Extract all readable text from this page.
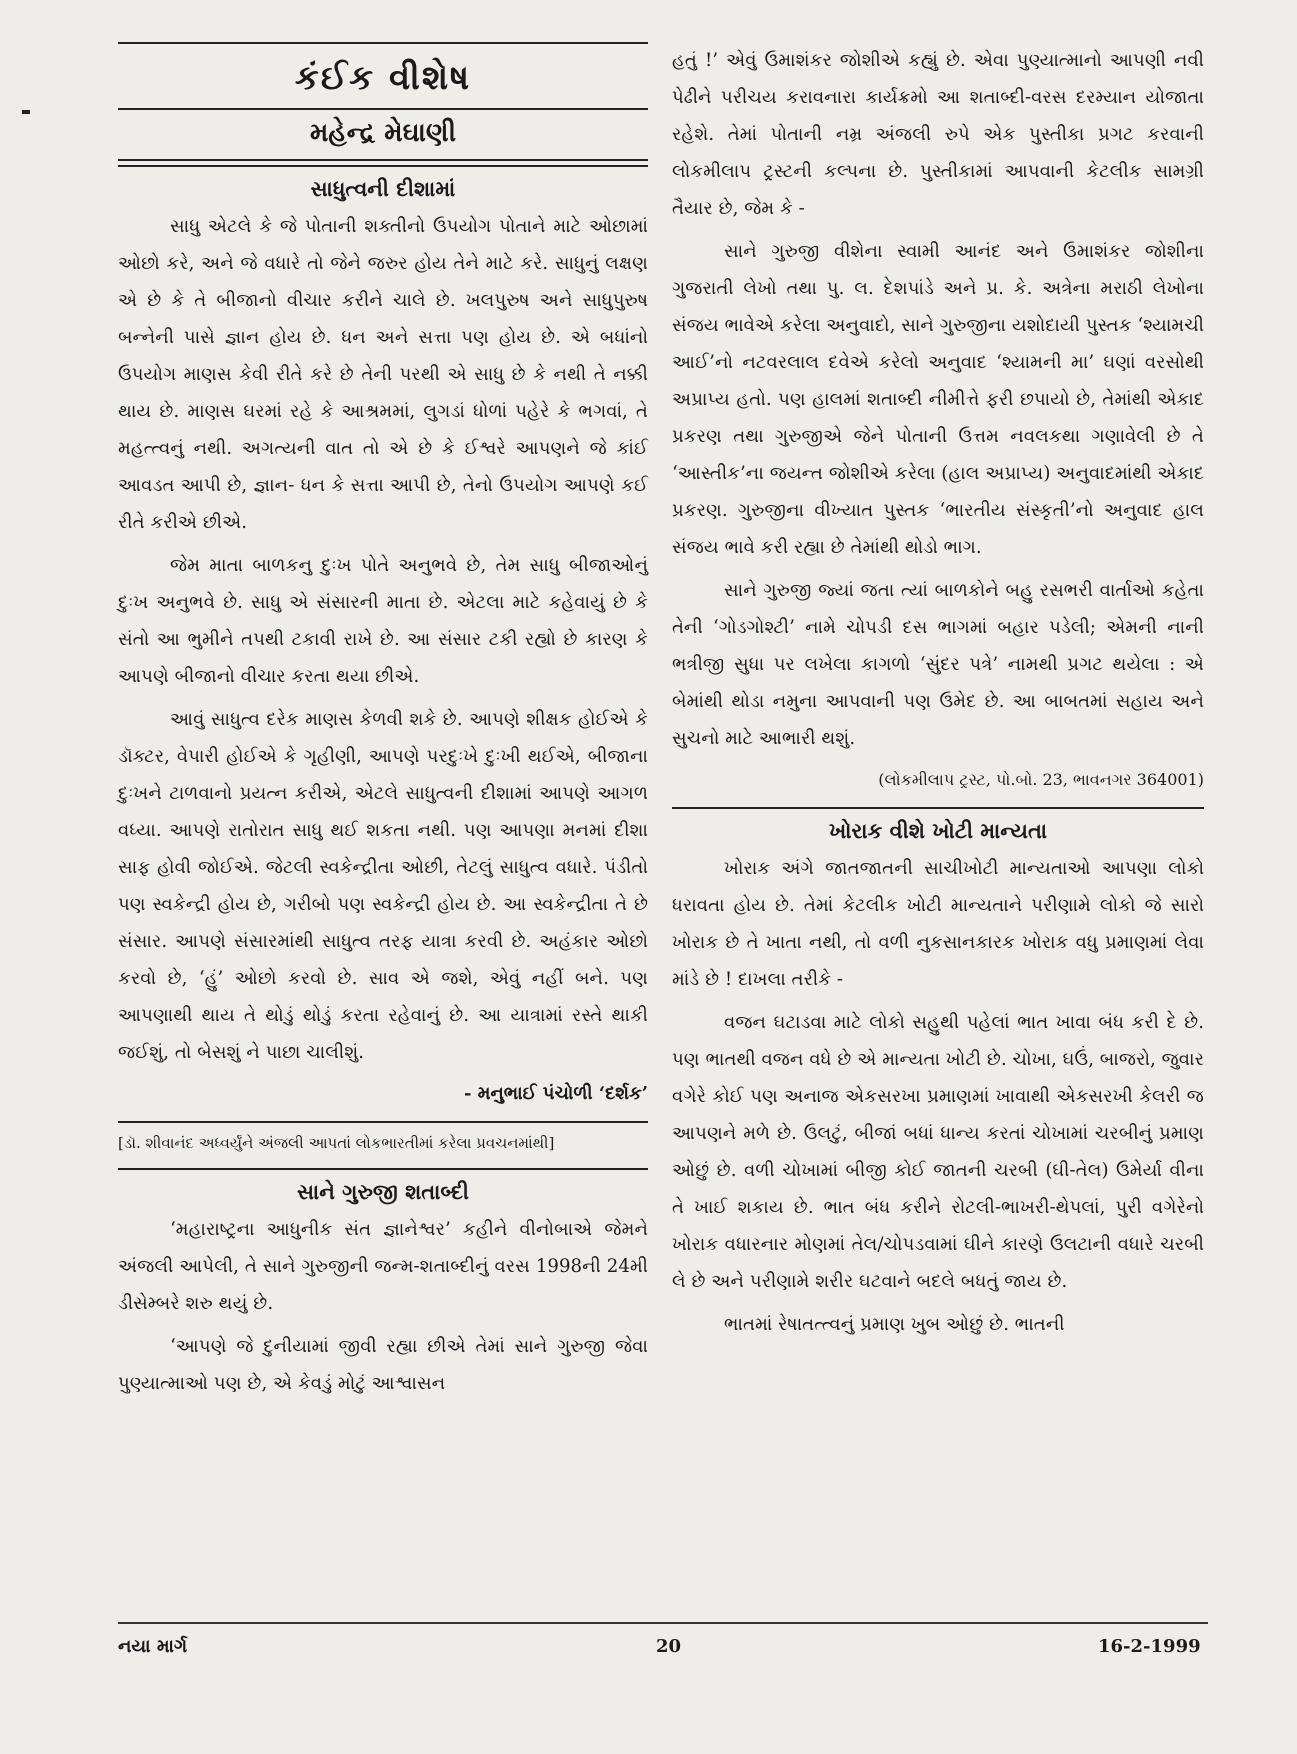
કંઈક વીશેષ
મહેન્દ્ર મેઘાણી
સાધુત્વની દીશામાં

સાધુ એટલે કે જે પોતાની શક્તીનો ઉપયોગ પોતાને માટે ઓછામાં ઓછો કરે, અને જે વધારે તો જેને જરુર હોય તેને માટે કરે. સાધુનું લક્ષણ એ છે કે તે બીજાનો વીચાર કરીને ચાલે છે. ખલપુરુષ અને સાધુપુરુષ બન્નેની પાસે જ્ઞાન હોય છે. ધન અને સત્તા પણ હોય છે. એ બધાંનો ઉપયોગ માણસ કેવી રીતે કરે છે તેની પરથી એ સાધુ છે કે નથી તે નક્કી થાય છે. માણસ ઘરમાં રહે કે આશ્રમમાં, લુગડાં ધોળાં પહેરે કે ભગવાં, તે મહત્ત્વનું નથી. અગત્યની વાત તો એ છે કે ઈશ્વરે આપણને જે કાંઈ આવડત આપી છે, જ્ઞાન- ધન કે સત્તા આપી છે, તેનો ઉપયોગ આપણે કઈ રીતે કરીએ છીએ.

જેમ માતા બાળકનુ દુઃખ પોતે અનુભવે છે, તેમ સાધુ બીજાઓનું દુઃખ અનુભવે છે. સાધુ એ સંસારની માતા છે. એટલા માટે કહેવાયું છે કે સંતો આ ભુમીને તપથી ટકાવી રાખે છે. આ સંસાર ટકી રહ્યો છે કારણ કે આપણે બીજાનો વીચાર કરતા થયા છીએ.

આવું સાધુત્વ દરેક માણસ કેળવી શકે છે. આપણે શીક્ષક હોઈએ કે ડૉક્ટર, વેપારી હોઈએ કે ગૃહીણી, આપણે પરદુઃખે દુઃખી થઈએ, બીજાના દુઃખને ટાળવાનો પ્રયત્ન કરીએ, એટલે સાધુત્વની દીશામાં આપણે આગળ વધ્યા. આપણે રાતોરાત સાધુ થઈ શકતા નથી. પણ આપણા મનમાં દીશા સાફ હોવી જોઈએ. જેટલી સ્વકેન્દ્રીતા ઓછી, તેટલું સાધુત્વ વધારે. પંડીતો પણ સ્વકેન્દ્રી હોય છે, ગરીબો પણ સ્વકેન્દ્રી હોય છે. આ સ્વકેન્દ્રીતા તે છે સંસાર. આપણે સંસારમાંથી સાધુત્વ તરફ યાત્રા કરવી છે. અહંકાર ઓછો કરવો છે, ‘હું’ ઓછો કરવો છે. સાવ એ જશે, એવું નહીં બને. પણ આપણાથી થાય તે થોડું થોડું કરતા રહેવાનું છે. આ યાત્રામાં રસ્તે થાકી જઈશું, તો બેસશું ને પાછા ચાલીશું.

- મનુભાઈ પંચોળી ‘દર્શક’

[ડૉ. શીવાનંદ અધ્વર્યુંને અંજલી આપતાં લોકભારતીમાં કરેલા પ્રવચનમાંથી]

સાને ગુરુજી શતાબ્દી

‘મહારાષ્ટ્રના આધુનીક સંત જ્ઞાનેશ્વર’ કહીને વીનોબાએ જેમને અંજલી આપેલી, તે સાને ગુરુજીની જન્મ-શતાબ્દીનું વરસ 1998ની 24મી ડીસેમ્બરે શરુ થયું છે.

‘આપણે જે દુનીયામાં જીવી રહ્યા છીએ તેમાં સાને ગુરુજી જેવા પુણ્યાત્માઓ પણ છે, એ કેવડું મોટું આશ્વાસન

હતું !’ એવું ઉમાશંકર જોશીએ કહ્યું છે. એવા પુણ્યાત્માનો આપણી નવી પેઢીને પરીચય કરાવનારા કાર્યક્રમો આ શતાબ્દી-વરસ દરમ્યાન યોજાતા રહેશે. તેમાં પોતાની નમ્ર અંજલી રુપે એક પુસ્તીકા પ્રગટ કરવાની લોકમીલાપ ટ્રસ્ટની કલ્પના છે. પુસ્તીકામાં આપવાની કેટલીક સામગ્રી તૈયાર છે, જેમ કે -

સાને ગુરુજી વીશેના સ્વામી આનંદ અને ઉમાશંકર જોશીના ગુજરાતી લેખો તથા પુ. લ. દેશપાંડે અને પ્ર. કે. અત્રેના મરાઠી લેખોના સંજય ભાવેએ કરેલા અનુવાદો, સાને ગુરુજીના યશોદાયી પુસ્તક ‘શ્યામચી આઈ’નો નટવરલાલ દવેએ કરેલો અનુવાદ ‘શ્યામની મા’ ઘણાં વરસોથી અપ્રાપ્ય હતો. પણ હાલમાં શતાબ્દી નીમીત્તે ફરી છપાયો છે, તેમાંથી એકાદ પ્રકરણ તથા ગુરુજીએ જેને પોતાની ઉત્તમ નવલકથા ગણાવેલી છે તે ‘આસ્તીક’ના જયન્ત જોશીએ કરેલા (હાલ અપ્રાપ્ય) અનુવાદમાંથી એકાદ પ્રકરણ. ગુરુજીના વીખ્યાત પુસ્તક ‘ભારતીય સંસ્કૃતી’નો અનુવાદ હાલ સંજય ભાવે કરી રહ્યા છે તેમાંથી થોડો ભાગ.

સાને ગુરુજી જ્યાં જતા ત્યાં બાળકોને બહુ રસભરી વાર્તાઓ કહેતા તેની ‘ગોડગોશ્ટી’ નામે ચોપડી દસ ભાગમાં બહાર પડેલી; એમની નાની ભત્રીજી સુધા પર લખેલા કાગળો ‘સુંદર પત્રે’ નામથી પ્રગટ થયેલા : એ બેમાંથી થોડા નમુના આપવાની પણ ઉમેદ છે. આ બાબતમાં સહાય અને સુચનો માટે આભારી થશું.

(લોકમીલાપ ટ્રસ્ટ, પો.બો. 23, ભાવનગર 364001)

ખોરાક વીશે ખોટી માન્યતા

ખોરાક અંગે જાતજાતની સાચીખોટી માન્યતાઓ આપણા લોકો ધરાવતા હોય છે. તેમાં કેટલીક ખોટી માન્યતાને પરીણામે લોકો જે સારો ખોરાક છે તે ખાતા નથી, તો વળી નુકસાનકારક ખોરાક વધુ પ્રમાણમાં લેવા માંડે છે ! દાખલા તરીકે -

વજન ઘટાડવા માટે લોકો સહુથી પહેલાં ભાત ખાવા બંધ કરી દે છે. પણ ભાતથી વજન વધે છે એ માન્યતા ખોટી છે. ચોખા, ઘઉં, બાજરો, જુવાર વગેરે કોઈ પણ અનાજ એકસરખા પ્રમાણમાં ખાવાથી એકસરખી કેલરી જ આપણને મળે છે. ઉલટું, બીજાં બધાં ધાન્ય કરતાં ચોખામાં ચરબીનું પ્રમાણ ઓછું છે. વળી ચોખામાં બીજી કોઈ જાતની ચરબી (ઘી-તેલ) ઉમેર્યા વીના તે ખાઈ શકાય છે. ભાત બંધ કરીને રોટલી-ભાખરી-થેપલાં, પુરી વગેરેનો ખોરાક વધારનાર મોણમાં તેલ/ચોપડવામાં ઘીને કારણે ઉલટાની વધારે ચરબી લે છે અને પરીણામે શરીર ઘટવાને બદલે બધતું જાય છે.

ભાતમાં રેષાતત્ત્વનું પ્રમાણ ખુબ ઓછું છે. ભાતની

નયા માર્ગ	20	16-2-1999
